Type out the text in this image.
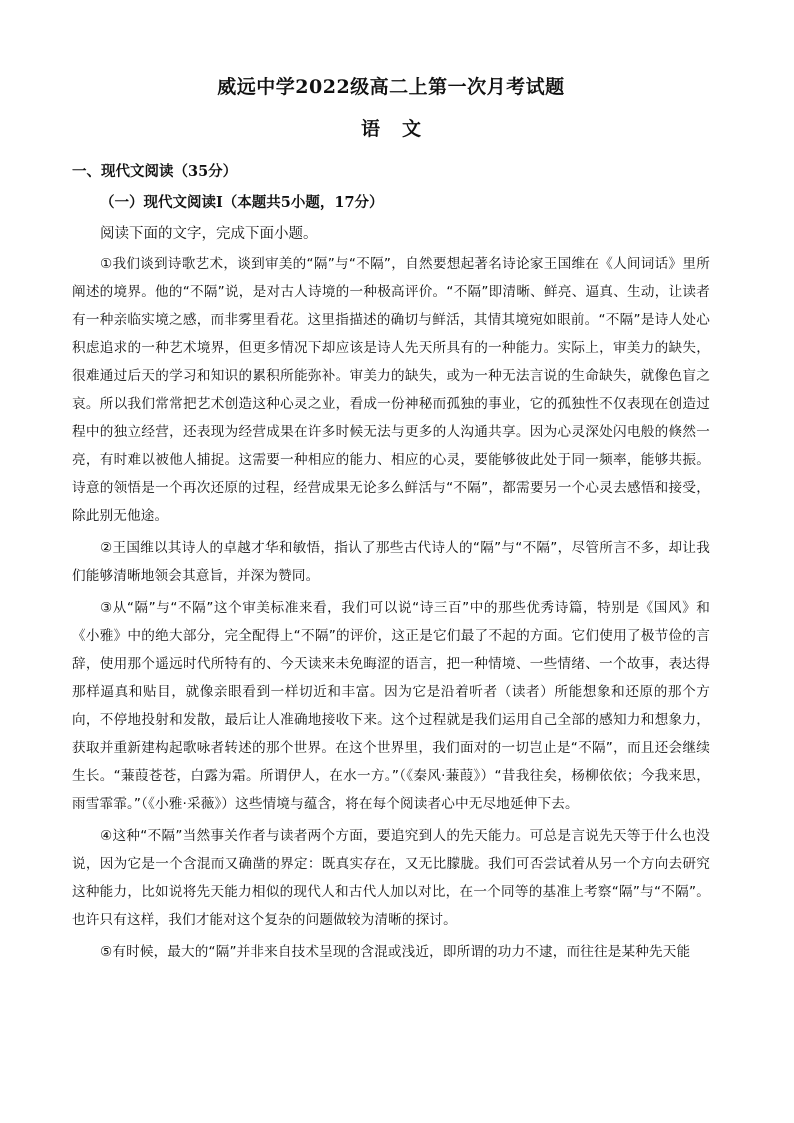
威远中学2022级高二上第一次月考试题
语 文
一、现代文阅读（35分）
（一）现代文阅读Ⅰ（本题共5小题，17分）
阅读下面的文字，完成下面小题。

①我们谈到诗歌艺术，谈到审美的“隔”与“不隔”，自然要想起著名诗论家王国维在《人间词话》里所阐述的境界。他的“不隔”说，是对古人诗境的一种极高评价。“不隔”即清晰、鲜亮、逼真、生动，让读者有一种亲临实境之感，而非雾里看花。这里指描述的确切与鲜活，其情其境宛如眼前。“不隔”是诗人处心积虑追求的一种艺术境界，但更多情况下却应该是诗人先天所具有的一种能力。实际上，审美力的缺失，很难通过后天的学习和知识的累积所能弥补。审美力的缺失，或为一种无法言说的生命缺失，就像色盲之哀。所以我们常常把艺术创造这种心灵之业，看成一份神秘而孤独的事业，它的孤独性不仅表现在创造过程中的独立经营，还表现为经营成果在许多时候无法与更多的人沟通共享。因为心灵深处闪电般的倏然一亮，有时难以被他人捕捉。这需要一种相应的能力、相应的心灵，要能够彼此处于同一频率，能够共振。诗意的领悟是一个再次还原的过程，经营成果无论多么鲜活与“不隔”，都需要另一个心灵去感悟和接受，除此别无他途。

②王国维以其诗人的卓越才华和敏悟，指认了那些古代诗人的“隔”与“不隔”，尽管所言不多，却让我们能够清晰地领会其意旨，并深为赞同。

③从“隔”与“不隔”这个审美标准来看，我们可以说“诗三百”中的那些优秀诗篇，特别是《国风》和《小雅》中的绝大部分，完全配得上“不隔”的评价，这正是它们最了不起的方面。它们使用了极节俭的言辞，使用那个遥远时代所特有的、今天读来未免晦涩的语言，把一种情境、一些情绪、一个故事，表达得那样逼真和贴目，就像亲眼看到一样切近和丰富。因为它是沿着听者（读者）所能想象和还原的那个方向，不停地投射和发散，最后让人准确地接收下来。这个过程就是我们运用自己全部的感知力和想象力，获取并重新建构起歌咏者转述的那个世界。在这个世界里，我们面对的一切岂止是“不隔”，而且还会继续生长。“蒹葭苍苍，白露为霜。所谓伊人，在水一方。”（《秦风·蒹葭》）“昔我往矣，杨柳依依；今我来思，雨雪霏霏。”（《小雅·采薇》）这些情境与蕴含，将在每个阅读者心中无尽地延伸下去。

④这种“不隔”当然事关作者与读者两个方面，要追究到人的先天能力。可总是言说先天等于什么也没说，因为它是一个含混而又确凿的界定：既真实存在，又无比朦胧。我们可否尝试着从另一个方向去研究这种能力，比如说将先天能力相似的现代人和古代人加以对比，在一个同等的基准上考察“隔”与“不隔”。也许只有这样，我们才能对这个复杂的问题做较为清晰的探讨。

⑤有时候，最大的“隔”并非来自技术呈现的含混或浅近，即所谓的功力不逮，而往往是某种先天能
